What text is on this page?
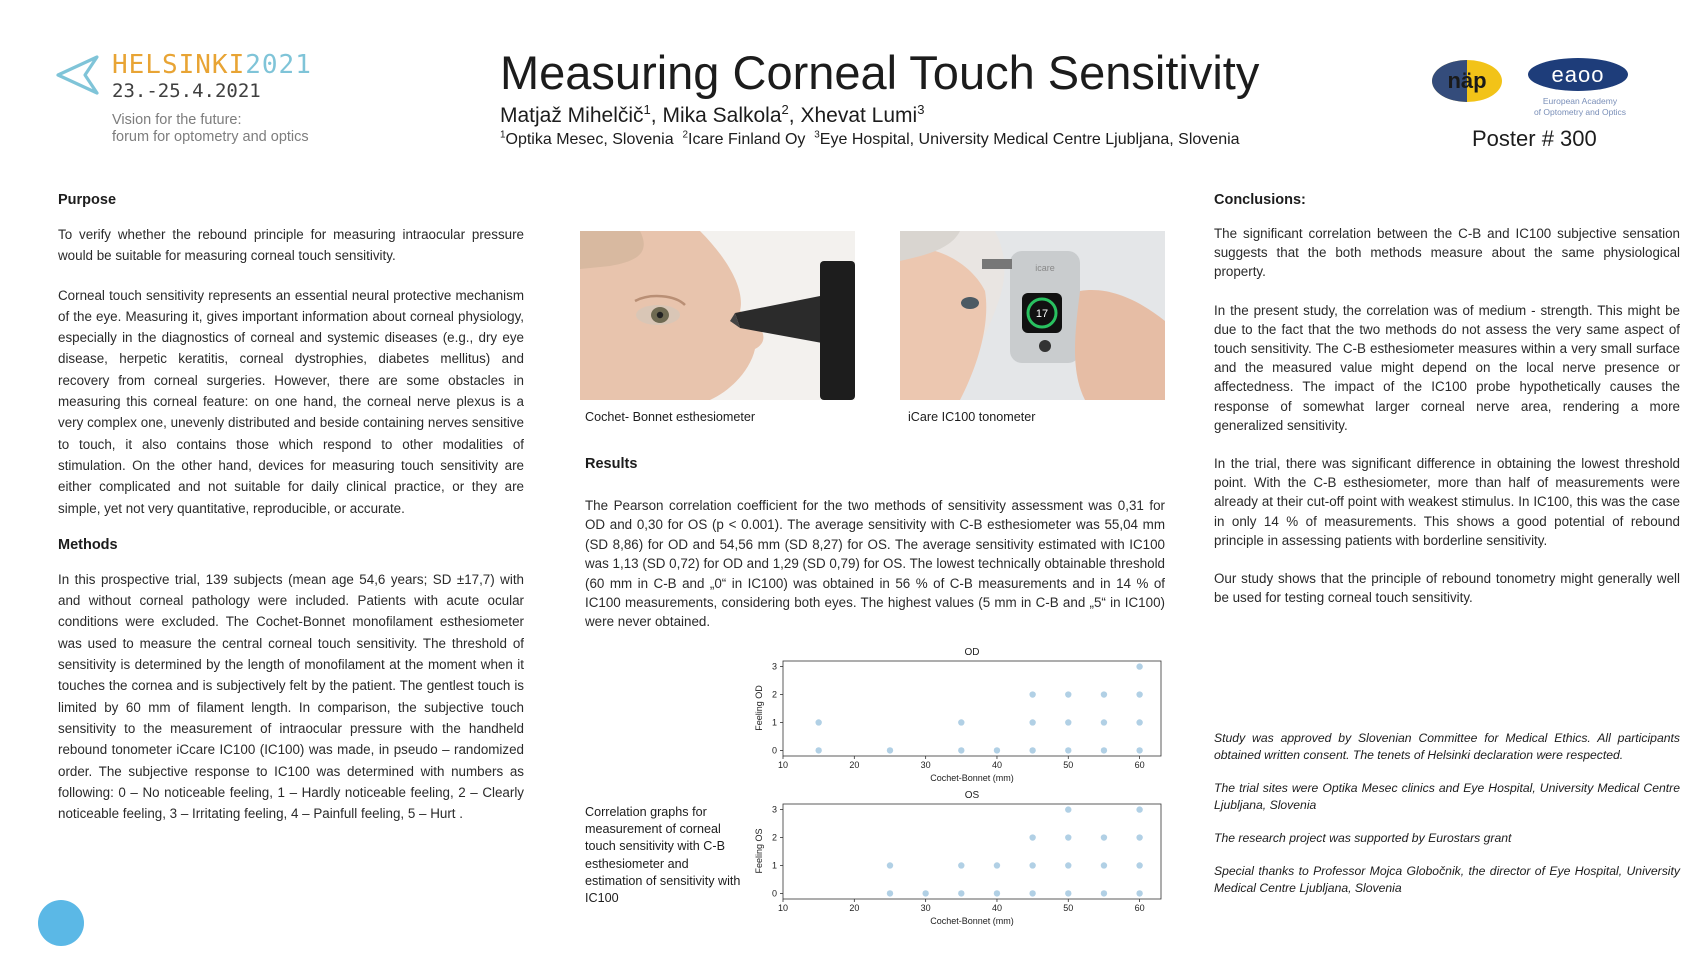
HELSINKI2021
23.-25.4.2021
Vision for the future:
forum for optometry and optics
Measuring Corneal Touch Sensitivity
Matjaž Mihelčič$^1$, Mika Salkola$^2$, Xhevat Lumi$^3$
$^1$Optika Mesec, Slovenia $^2$Icare Finland Oy $^3$Eye Hospital, University Medical Centre Ljubljana, Slovenia
näp	eaoo
European Academy
of Optometry and Optics
Poster # 300
Purpose

To verify whether the rebound principle for measuring intraocular pressure would be suitable for measuring corneal touch sensitivity.

Corneal touch sensitivity represents an essential neural protective mechanism of the eye. Measuring it, gives important information about corneal physiology, especially in the diagnostics of corneal and systemic diseases (e.g., dry eye disease, herpetic keratitis, corneal dystrophies, diabetes mellitus) and recovery from corneal surgeries. However, there are some obstacles in measuring this corneal feature: on one hand, the corneal nerve plexus is a very complex one, unevenly distributed and beside containing nerves sensitive to touch, it also contains those which respond to other modalities of stimulation. On the other hand, devices for measuring touch sensitivity are either complicated and not suitable for daily clinical practice, or they are simple, yet not very quantitative, reproducible, or accurate.

Methods

In this prospective trial, 139 subjects (mean age 54,6 years; SD ±17,7) with and without corneal pathology were included. Patients with acute ocular conditions were excluded. The Cochet-Bonnet monofilament esthesiometer was used to measure the central corneal touch sensitivity. The threshold of sensitivity is determined by the length of monofilament at the moment when it touches the cornea and is subjectively felt by the patient. The gentlest touch is limited by 60 mm of filament length. In comparison, the subjective touch sensitivity to the measurement of intraocular pressure with the handheld rebound tonometer iCcare IC100 (IC100) was made, in pseudo – randomized order. The subjective response to IC100 was determined with numbers as following: 0 – No noticeable feeling, 1 – Hardly noticeable feeling, 2 – Clearly noticeable feeling, 3 – Irritating feeling, 4 – Painfull feeling, 5 – Hurt .

17
icare
Cochet- Bonnet esthesiometer	iCare IC100 tonometer
Results

The Pearson correlation coefficient for the two methods of sensitivity assessment was 0,31 for OD and 0,30 for OS (p < 0.001). The average sensitivity with C-B esthesiometer was 55,04 mm (SD 8,86) for OD and 54,56 mm (SD 8,27) for OS. The average sensitivity estimated with IC100 was 1,13 (SD 0,72) for OD and 1,29 (SD 0,79) for OS. The lowest technically obtainable threshold (60 mm in C-B and „0“ in IC100) was obtained in 56 % of C-B measurements and in 14 % of IC100 measurements, considering both eyes. The highest values (5 mm in C-B and „5“ in IC100) were never obtained.

Correlation graphs for measurement of corneal touch sensitivity with C-B esthesiometer and estimation of sensitivity with IC100
OD
10	20	30	40	50	60
0
1
2
3
Cochet-Bonnet (mm)
Feeling OD
OS
10	20	30	40	50	60
0
1
2
3
Cochet-Bonnet (mm)
Feeling OS
Conclusions:

The significant correlation between the C-B and IC100 subjective sensation suggests that the both methods measure about the same physiological property.

In the present study, the correlation was of medium - strength. This might be due to the fact that the two methods do not assess the very same aspect of touch sensitivity. The C-B esthesiometer measures within a very small surface and the measured value might depend on the local nerve presence or affectedness. The impact of the IC100 probe hypothetically causes the response of somewhat larger corneal nerve area, rendering a more generalized sensitivity.

In the trial, there was significant difference in obtaining the lowest threshold point. With the C-B esthesiometer, more than half of measurements were already at their cut-off point with weakest stimulus. In IC100, this was the case in only 14 % of measurements. This shows a good potential of rebound principle in assessing patients with borderline sensitivity.

Our study shows that the principle of rebound tonometry might generally well be used for testing corneal touch sensitivity.

Study was approved by Slovenian Committee for Medical Ethics. All participants obtained written consent. The tenets of Helsinki declaration were respected.

The trial sites were Optika Mesec clinics and Eye Hospital, University Medical Centre Ljubljana, Slovenia

The research project was supported by Eurostars grant

Special thanks to Professor Mojca Globočnik, the director of Eye Hospital, University Medical Centre Ljubljana, Slovenia
